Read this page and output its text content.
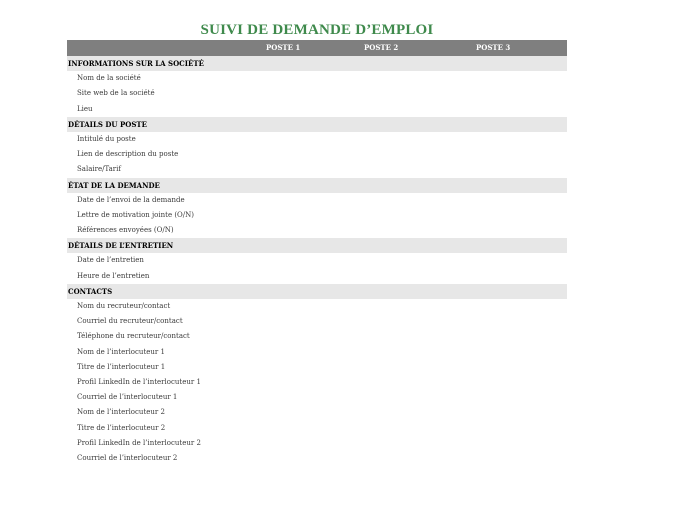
SUIVI DE DEMANDE D’EMPLOI
POSTE 1	POSTE 2	POSTE 3
INFORMATIONS SUR LA SOCIÉTÉ
Nom de la société
Site web de la société
Lieu
DÉTAILS DU POSTE
Intitulé du poste
Lien de description du poste
Salaire/Tarif
ÉTAT DE LA DEMANDE
Date de l’envoi de la demande
Lettre de motivation jointe (O/N)
Références envoyées (O/N)
DÉTAILS DE L’ENTRETIEN
Date de l’entretien
Heure de l’entretien
CONTACTS
Nom du recruteur/contact
Courriel du recruteur/contact
Téléphone du recruteur/contact
Nom de l’interlocuteur 1
Titre de l’interlocuteur 1
Profil LinkedIn de l’interlocuteur 1
Courriel de l’interlocuteur 1
Nom de l’interlocuteur 2
Titre de l’interlocuteur 2
Profil LinkedIn de l’interlocuteur 2
Courriel de l’interlocuteur 2
